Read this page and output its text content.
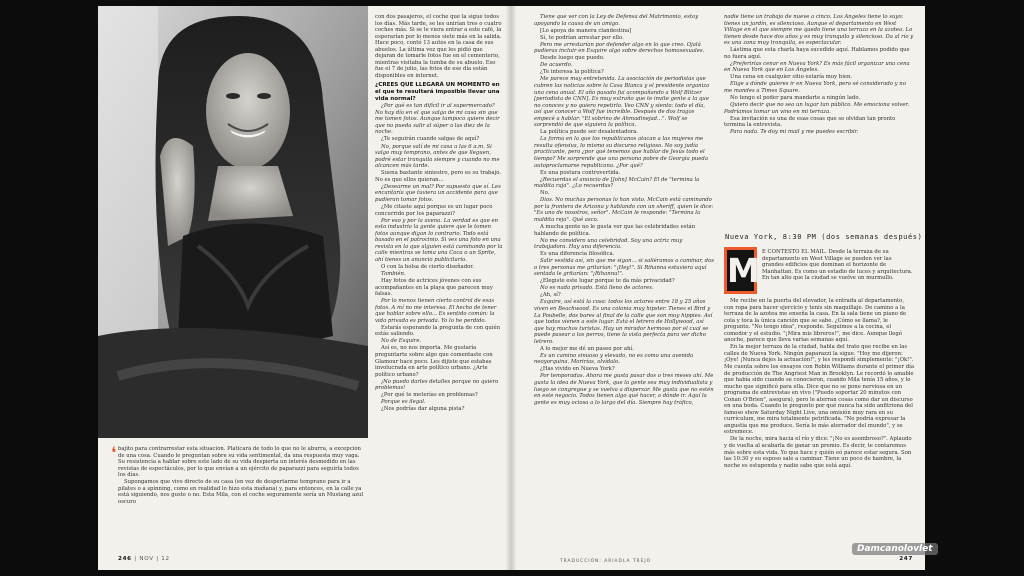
❛ bajito para contrarrestar esta situación. Platicará de todo lo que no le aburra, a excepción de una cosa. Cuando le preguntan sobre su vida sentimental, da una respuesta muy vaga. Su resistencia a hablar sobre este lado de su vida despierta un interés desmedido en las revistas de espectáculos, por lo que envían a un ejército de paparazzi para seguirla todos los días.

Supongamos que vivo directo de su casa (en vez de despertarme temprano para ir a pilates o a spinning, como en realidad lo hizo esta mañana) y, para entonces, en la calle ya está siguiendo, nos guste o no. Esta Mila, con el coche seguramente sería un Mustang azul oscuro

con dos pasajeros, el coche que la sigue todos los días. Más tarde, se les unirían tres o cuatro coches más. Si se le viera entrar a este café, la esperarían por lo menos siete más en la salida. Hace poco, contó 13 autos en la casa de sus abuelos. La última vez que les pidió que dejaran de tomarle fotos fue en el cementerio, mientras visitaba la tumba de su abuelo. Eso fue el 7 de julio, las fotos de ese día están disponibles en internet.

¿CREES QUE LLEGARÁ UN MOMENTO en el que te resultará imposible llevar una vida normal?

¿Por qué es tan difícil ir al supermercado? No hay día en el que salga de mi casa sin que me tomen fotos. Aunque tampoco quiere decir que no pueda salir al súper a las diez de la noche.

¿Te seguirán cuando salgas de aquí?

No, porque salí de mi casa a las 6 a.m. Si salgo muy temprano, antes de que lleguen, podré estar tranquila siempre y cuando no me alcancen más tarde.

Suena bastante siniestro, pero es su trabajo. No es que ellos quieran...

¿Desearme un mal? Por supuesto que sí. Les encantaría que tuviera un accidente para que pudieran tomar fotos.

¿Me citaste aquí porque es un lugar poco concurrido por los paparazzi?

Por eso y por la avena. La verdad es que en esta industria la gente quiere que le tomen fotos aunque digan lo contrario. Todo está basado en el patrocinio. Si ves una foto en una revista en la que alguien está caminando por la calle mientras se toma una Coca o un Sprite, ahí tienes un anuncio publicitario.

O con la bolsa de cierto diseñador.

También.

Hay fotos de actrices jóvenes con sus acompañantes en la playa que parecen muy falsas.

Por lo menos tienen cierto control de esas fotos. A mí no me interesa. El hecho de tener que hablar sobre ello... Es sentido común: la vida privada es privada. Yo lo he perdido.

Estarás esperando la pregunta de con quién estás saliendo.

No de Esquire.

Así es, no nos importa. Me gustaría preguntarte sobre algo que comentaste con Glamour hace poco. Les dijiste que estabas involucrada en arte político urbano. ¿Arte político urbano?

¡No puedo darles detalles porque no quiero problemas!

¿Por qué te meterías en problemas?

Porque es ilegal.

¿Nos podrías dar alguna pista?

Tiene que ver con la Ley de Defensa del Matrimonio, estoy apoyando la causa de un amigo.

[Lo apoya de manera clandestina]

Sí, te podrían arrestar por ello.

Pero me arrestarían por defender algo en lo que creo. Ojalá pudieras incluir en Esquire algo sobre derechos homosexuales.

Desde luego que puedo.

De acuerdo.

¿Te interesa la política?

Me parece muy entretenida. La asociación de periodistas que cubren las noticias sobre la Casa Blanca y el presidente organiza una cena anual. El año pasado fui acompañando a Wolf Blitzer [periodista de CNN]. Es muy extraño que te invite gente a la que no conoces y no quiero repetirlo. Veo CNN y siento: todo el día, así que conocer a Wolf fue increíble. Después de dos tragos empecé a hablar: "El sobrino de Ahmadinejad...". Wolf se sorprendió de que siguiera la política.

La política puede ser desalentadora.

La forma en la que los republicanos atacan a las mujeres me resulta ofensiva, lo mismo su discurso religioso. No soy judía practicante, pero ¿por qué tenemos que hablar de Jesús todo el tiempo? Me sorprende que una persona pobre de Georgia pueda autoproclamarse republicana. ¿Por qué?

Es una postura controvertida.

¿Recuerdas el anuncio de [John] McCain? El de "termina la maldita raja". ¿Lo recuerdas?

No.

Dios. No muchas personas lo han visto. McCain está caminando por la frontera de Arizona y hablando con un sheriff, quien le dice: "Es uno de nosotros, señor". McCain le responde: "Termina la maldita reja". Qué asco.

A mucha gente no le gusta ver que las celebridades están hablando de política.

No me considero una celebridad. Soy una actriz muy trabajadora. Hay una diferencia.

Es una diferencia filosófica.

Salir vestida así, sin que me sigan... si saliéramos a caminar, dos o tres personas me gritarían: "¡Hey!". Si Rihanna estuviera aquí sentada le gritarían: "¡Rihanna!".

¿Elegiste este lugar porque te da más privacidad?

No es nada privado. Está lleno de actores.

¿Ah, sí?

Esquire, así está la cosa: todos los actores entre 18 y 25 años viven en Beachwood. Es una colonia muy hipster. Tienes el Bird y La Poubelle, dos bares al final de la calle que son muy hippies. Así que todos vienen a este lugar. Está el letrero de Hollywood, así que hay muchos turistas. Hay un mirador hermoso por el cual se puede pasear a los perros, tiene la vista perfecta para ver dicho letrero.

A lo mejor me dé un paseo por ahí.

Es un camino sinuoso y elevado, no es como una avenida neoyorquina. Morirías, olvídalo.

¿Has vivido en Nueva York?

Por temporadas. Ahora me gusta pasar dos o tres meses ahí. Me gusta la idea de Nueva York, que la gente sea muy individualista y luego se congregue y se vuelva a dispersar. Me gusta que no estén en este negocio. Todos tienen algo qué hacer, a dónde ir. Aquí la gente es muy ociosa a lo largo del día. Siempre hay tráfico,

nadie tiene un trabajo de nueve a cinco. Los Ángeles tiene lo suyo: tienes un jardín, es silencioso. Aunque el departamento en West Village en el que siempre me quedo tiene una terraza en la azotea. Lo tienen desde hace dos años y es muy tranquilo y silencioso. Da al río y es una zona muy tranquila, es espectacular.

Lástima que esta charla haya sucedido aquí. Hablamos podido que no fuera aquí.

¿Preferirías cenar en Nueva York? Es más fácil organizar una cena en Nueva York que en Los Ángeles.

Una cena en cualquier sitio estaría muy bien.

Elige a dónde quieres ir en Nueva York, pero sé considerado y no me mandes a Times Square.

No tengo el poder para mandarte a ningún lado.

Quiero decir que no sea un lugar tan público. Me emociona volver. Podríamos tomar un vino en mi terraza.

Esa invitación es una de esas cosas que se olvidan tan pronto termina la entrevista.

Para nada. Te doy mi mail y me puedes escribir.

Nueva York, 8:30 PM (dos semanas después)
M E CONTESTÓ EL MAIL. Desde la terraza de su departamento en West Village se pueden ver las grandes edificios que dominan el horizonte de Manhattan. Es como un estadio de luces y arquitectura. En tan alto que la ciudad se vuelve un murmullo.

Me recibe en la puerta del elevador, la entrada al departamento, con ropa para hacer ejercicio y tenis sin maquillaje. De camino a la terraza de la azotea me enseña la casa. En la sala tiene un piano de cola y toca la única canción que se sabe. ¿Cómo se llama?, le pregunto. "No tengo idea", responde. Seguimos a la cocina, el comedor y el estudio. "¡Mira mis libreros!", me dice. Aunque llegó anoche, parece que lleva varias semanas aquí.

En la mejor terraza de la ciudad, habla del trato que recibe en las calles de Nueva York. Ningún paparazzi la sigue. "Hoy me dijeron: ¡Oye! ¡Nunca dejes la actuación!", y les respondí simplemente: "¡Ok!". Me cuenta sobre los ensayos con Robin Williams durante el primer día de producción de The Angriest Man in Brooklyn. Le recordó lo amable que había sido cuando se conocieron, cuando Mila tenía 15 años, y lo mucho que significó para ella. Dice que no se pone nerviosa en un programa de entrevistas en vivo ("Puedo soportar 20 minutos con Conan O'Brien", asegura), pero le aterran cosas como dar un discurso en una boda. Cuando le pregunto por qué nunca ha sido anfitriona del famoso show Saturday Night Live, una omisión muy rara en su currículum, me mira totalmente petrificada. "No podría expresar la angustia que me produce. Sería lo más aterrador del mundo", y se estremece.

De la noche, mira hacia el río y dice: "¡No es asombroso?". Aplaudo y de vuelta al acabarla de ganar un premio. Es decir, te contaremos más sobre esta vida. Yo que hace y quién eó parece estar segura. Son las 10:30 y su esposo sale a caminar. Tiene un poco de hambre, la noche es estupenda y nadie sabe que está aquí.

246 | NOV | 12	TRADUCCIÓN: ARIADLA TREJO	247
Damcanolovlet
